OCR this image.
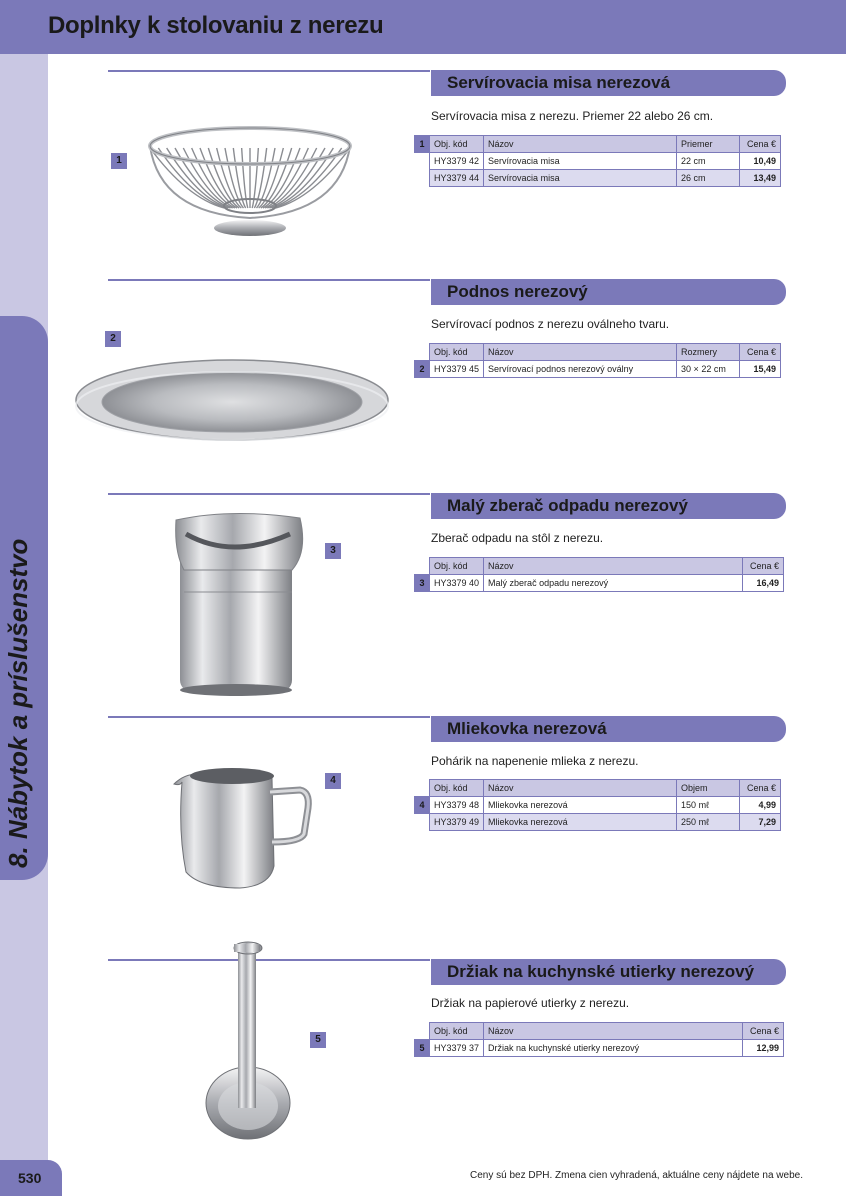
Doplnky k stolovaniu z nerezu
8. Nábytok a príslušenstvo
530	Ceny sú bez DPH. Zmena cien vyhradená, aktuálne ceny nájdete na webe.
Servírovacia misa nerezová
Servírovacia misa z nerezu. Priemer 22 alebo 26 cm.
1	Obj. kód	Názov	Priemer	Cena €
	HY3379 42	Servírovacia misa	22 cm	10,49
	HY3379 44	Servírovacia misa	26 cm	13,49
1
Podnos nerezový
Servírovací podnos z nerezu oválneho tvaru.
	Obj. kód	Názov	Rozmery	Cena €
2	HY3379 45	Servírovací podnos nerezový oválny	30 × 22 cm	15,49
2
Malý zberač odpadu nerezový
Zberač odpadu na stôl z nerezu.
	Obj. kód	Názov	Cena €
3	HY3379 40	Malý zberač odpadu nerezový	16,49
3
Mliekovka nerezová
Pohárik na napenenie mlieka z nerezu.
	Obj. kód	Názov	Objem	Cena €
4	HY3379 48	Mliekovka nerezová	150 mℓ	4,99
	HY3379 49	Mliekovka nerezová	250 mℓ	7,29
4
Držiak na kuchynské utierky nerezový
Držiak na papierové utierky z nerezu.
	Obj. kód	Názov	Cena €
5	HY3379 37	Držiak na kuchynské utierky nerezový	12,99
5
